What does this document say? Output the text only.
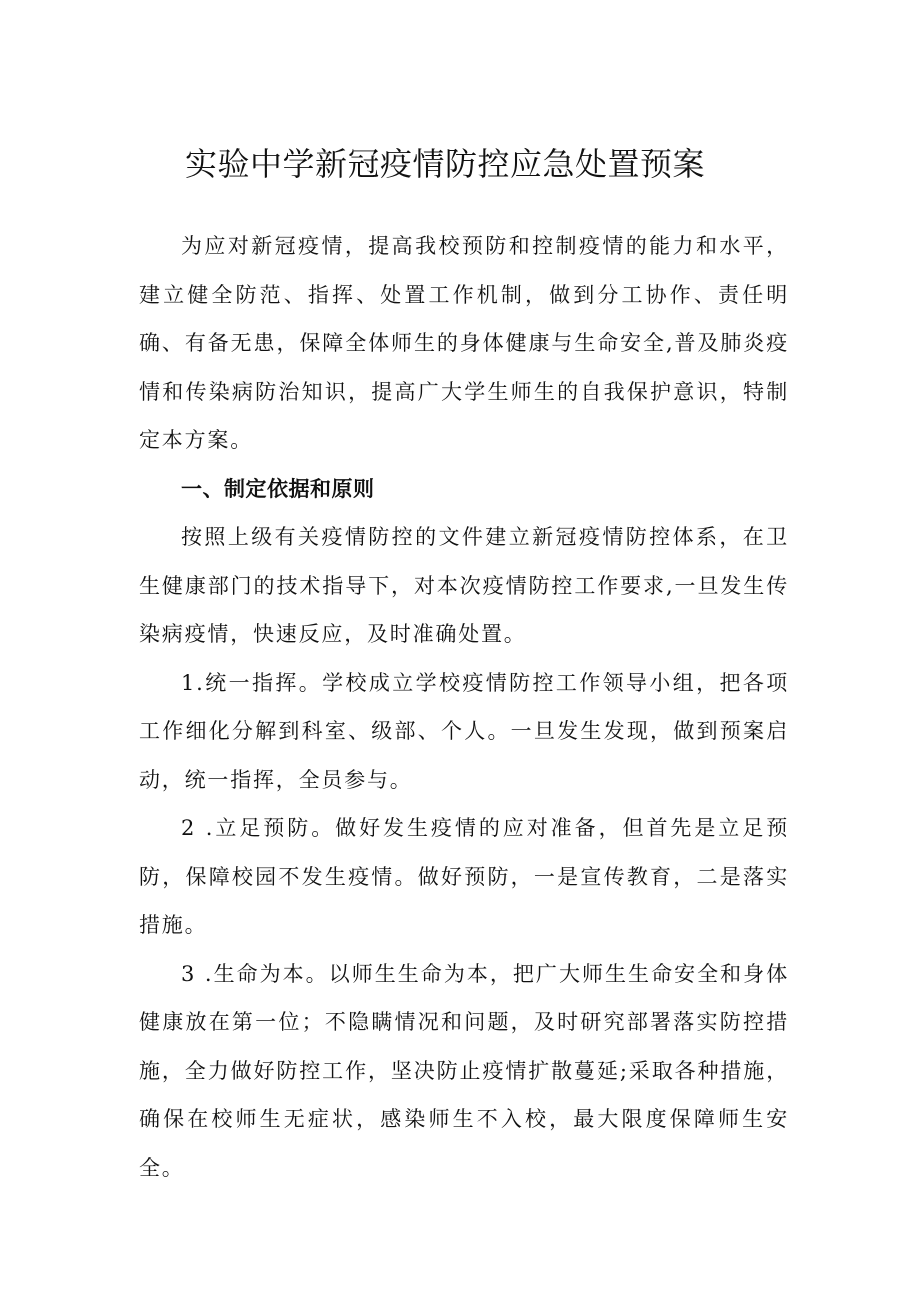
实验中学新冠疫情防控应急处置预案

为应对新冠疫情，提高我校预防和控制疫情的能力和水平，建立健全防范、指挥、处置工作机制，做到分工协作、责任明确、有备无患，保障全体师生的身体健康与生命安全,普及肺炎疫情和传染病防治知识，提高广大学生师生的自我保护意识，特制定本方案。

一、制定依据和原则

按照上级有关疫情防控的文件建立新冠疫情防控体系，在卫生健康部门的技术指导下，对本次疫情防控工作要求,一旦发生传染病疫情，快速反应，及时准确处置。

1.统一指挥。学校成立学校疫情防控工作领导小组，把各项工作细化分解到科室、级部、个人。一旦发生发现，做到预案启动，统一指挥，全员参与。

2 .立足预防。做好发生疫情的应对准备，但首先是立足预防，保障校园不发生疫情。做好预防，一是宣传教育，二是落实措施。

3 .生命为本。以师生生命为本，把广大师生生命安全和身体健康放在第一位；不隐瞒情况和问题，及时研究部署落实防控措施，全力做好防控工作，坚决防止疫情扩散蔓延;采取各种措施，确保在校师生无症状，感染师生不入校，最大限度保障师生安全。
